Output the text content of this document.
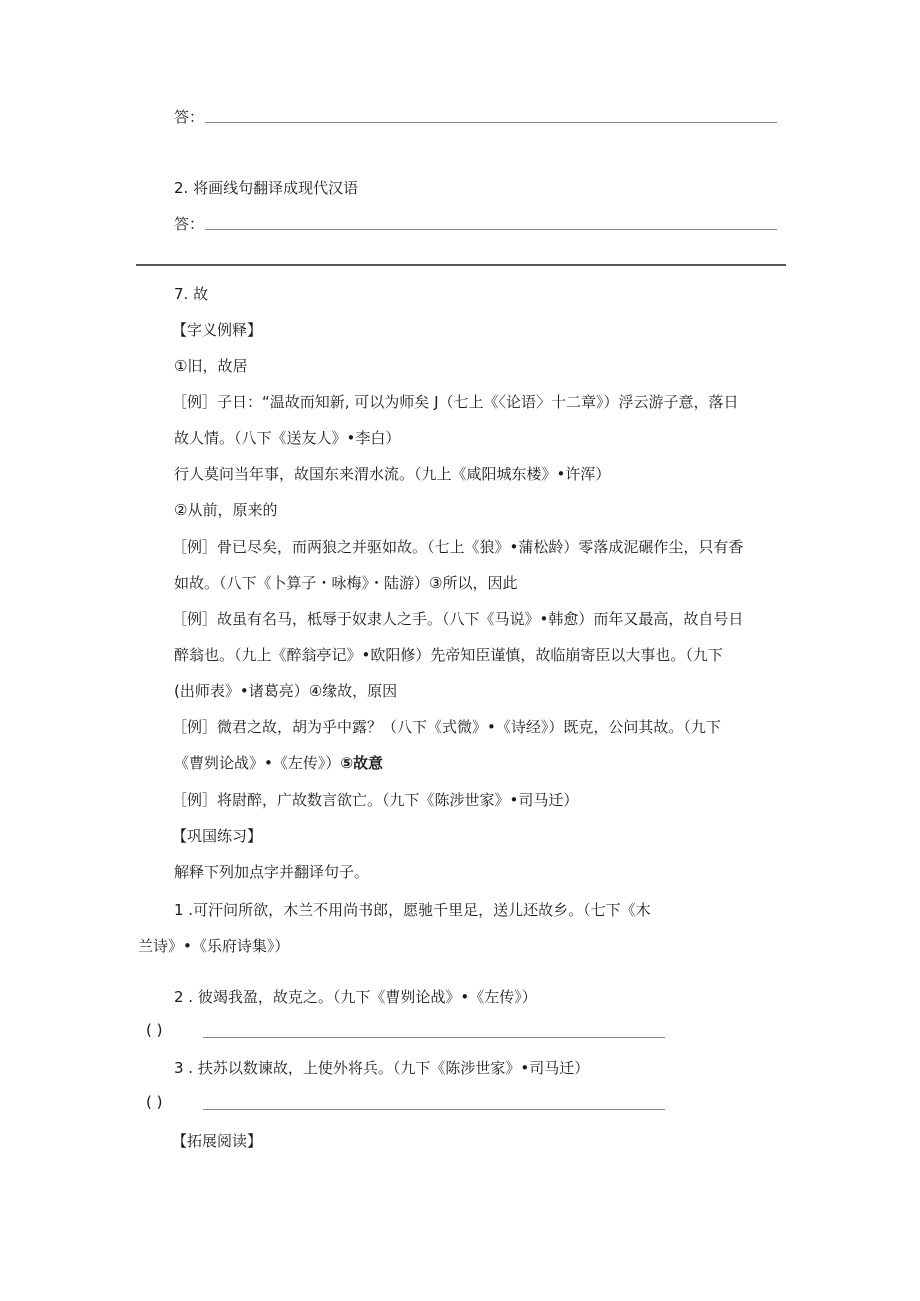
答：
2. 将画线句翻译成现代汉语
答：
7. 故
【字义例释】
①旧，故居
［例］子日：“温故而知新, 可以为师矣 J（七上《〈论语〉十二章》）浮云游子意，落日
故人情。（八下《送友人》•李白）
行人莫问当年事，故国东来渭水流。（九上《咸阳城东楼》•许浑）
②从前，原来的
［例］骨已尽矣，而两狼之并驱如故。（七上《狼》•蒲松龄）零落成泥碾作尘，只有香
如故。（八下《卜算子・咏梅》・陆游）③所以，因此
［例］故虽有名马，柢辱于奴隶人之手。（八下《马说》•韩愈）而年又最高，故自号日
醉翁也。（九上《醉翁亭记》•欧阳修）先帝知臣谨慎，故临崩寄臣以大事也。（九下
(出师表》•诸葛亮）④缘故，原因
［例］微君之故，胡为乎中露？（八下《式微》•《诗经》）既克，公问其故。（九下
《曹刿论战》•《左传》）⑤故意
［例］将尉醉，广故数言欲亡。（九下《陈涉世家》•司马迁）
【巩国练习】
解释下列加点字并翻译句子。
1 .可汗问所欲，木兰不用尚书郎，愿驰千里足，送儿还故乡。（七下《木
兰诗》•《乐府诗集》）
2 . 彼竭我盈，故克之。（九下《曹刿论战》•《左传》）
( )
3 . 扶苏以数谏故，上使外将兵。（九下《陈涉世家》•司马迁）
( )
【拓展阅读】
